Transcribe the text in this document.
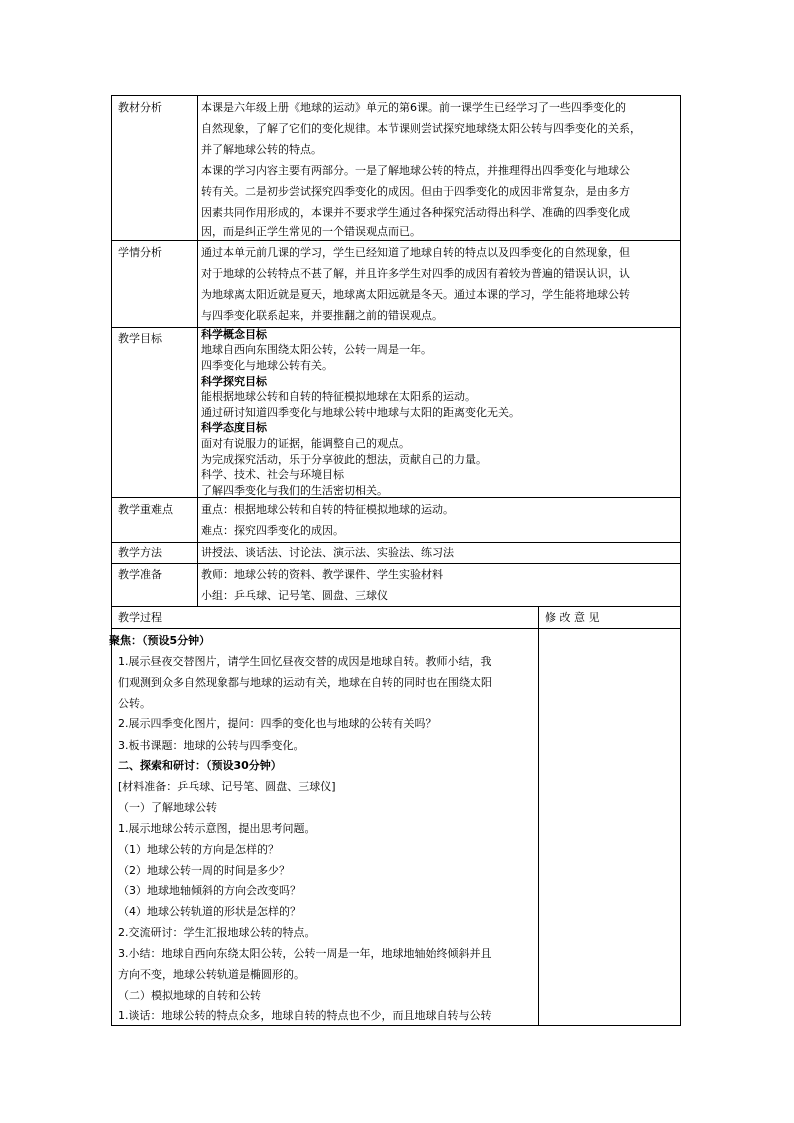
教材分析	本课是六年级上册《地球的运动》单元的第6课。前一课学生已经学习了一些四季变化的
自然现象，了解了它们的变化规律。本节课则尝试探究地球绕太阳公转与四季变化的关系，
并了解地球公转的特点。
本课的学习内容主要有两部分。一是了解地球公转的特点，并推理得出四季变化与地球公
转有关。二是初步尝试探究四季变化的成因。但由于四季变化的成因非常复杂，是由多方
因素共同作用形成的，本课并不要求学生通过各种探究活动得出科学、准确的四季变化成
因，而是纠正学生常见的一个错误观点而已。
学情分析	通过本单元前几课的学习，学生已经知道了地球自转的特点以及四季变化的自然现象，但
对于地球的公转特点不甚了解，并且许多学生对四季的成因有着较为普遍的错误认识，认
为地球离太阳近就是夏天，地球离太阳远就是冬天。通过本课的学习，学生能将地球公转
与四季变化联系起来，并要推翻之前的错误观点。
教学目标	科学概念目标
地球自西向东围绕太阳公转，公转一周是一年。
四季变化与地球公转有关。
科学探究目标
能根据地球公转和自转的特征模拟地球在太阳系的运动。
通过研讨知道四季变化与地球公转中地球与太阳的距离变化无关。
科学态度目标
面对有说服力的证据，能调整自己的观点。
为完成探究活动，乐于分享彼此的想法，贡献自己的力量。
科学、技术、社会与环境目标
了解四季变化与我们的生活密切相关。
教学重难点	重点：根据地球公转和自转的特征模拟地球的运动。
难点：探究四季变化的成因。
教学方法	讲授法、谈话法、讨论法、演示法、实验法、练习法
教学准备	教师：地球公转的资料、教学课件、学生实验材料
小组：乒乓球、记号笔、圆盘、三球仪
教学过程	修 改 意 见
聚焦：（预设5分钟）
1.展示昼夜交替图片，请学生回忆昼夜交替的成因是地球自转。教师小结，我
们观测到众多自然现象都与地球的运动有关，地球在自转的同时也在围绕太阳
公转。
2.展示四季变化图片，提问：四季的变化也与地球的公转有关吗？
3.板书课题：地球的公转与四季变化。
二、探索和研讨：（预设30分钟）
[材料准备：乒乓球、记号笔、圆盘、三球仪]
（一）了解地球公转
1.展示地球公转示意图，提出思考问题。
（1）地球公转的方向是怎样的？
（2）地球公转一周的时间是多少？
（3）地球地轴倾斜的方向会改变吗？
（4）地球公转轨道的形状是怎样的？
2.交流研讨：学生汇报地球公转的特点。
3.小结：地球自西向东绕太阳公转，公转一周是一年，地球地轴始终倾斜并且
方向不变，地球公转轨道是椭圆形的。
（二）模拟地球的自转和公转
1.谈话：地球公转的特点众多，地球自转的特点也不少，而且地球自转与公转
